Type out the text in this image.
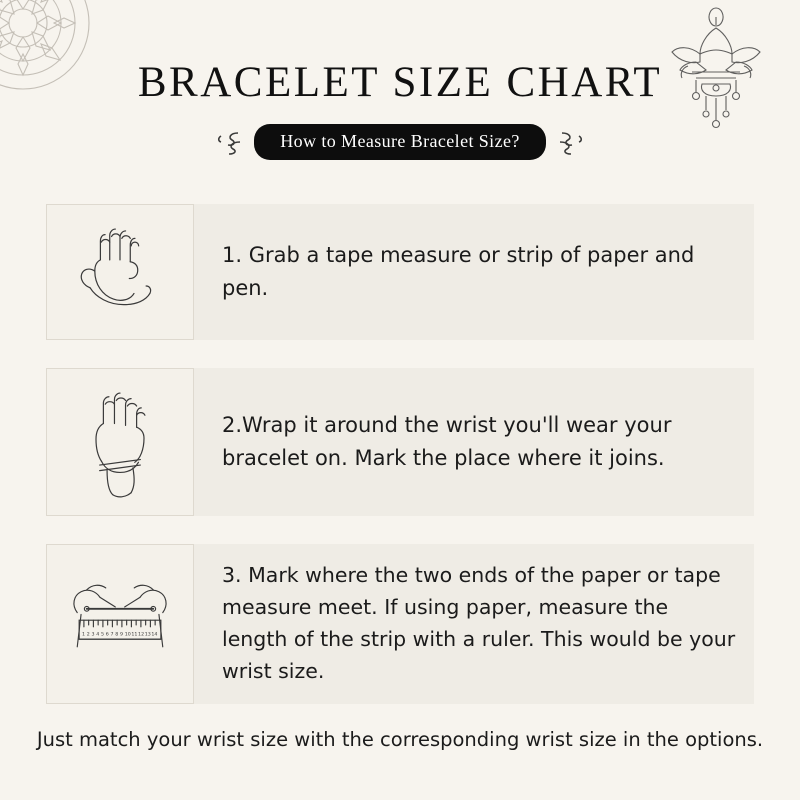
BRACELET SIZE CHART
How to Measure Bracelet Size?
1. Grab a tape measure or strip of paper and pen.
2.Wrap it around the wrist you'll wear your bracelet on. Mark the place where it joins.
1 2 3 4 5 6 7 8 9 10 11 12 13 14
3. Mark where the two ends of the paper or tape measure meet. If using paper, measure the length of the strip with a ruler. This would be your wrist size.
Just match your wrist size with the corresponding wrist size in the options.
